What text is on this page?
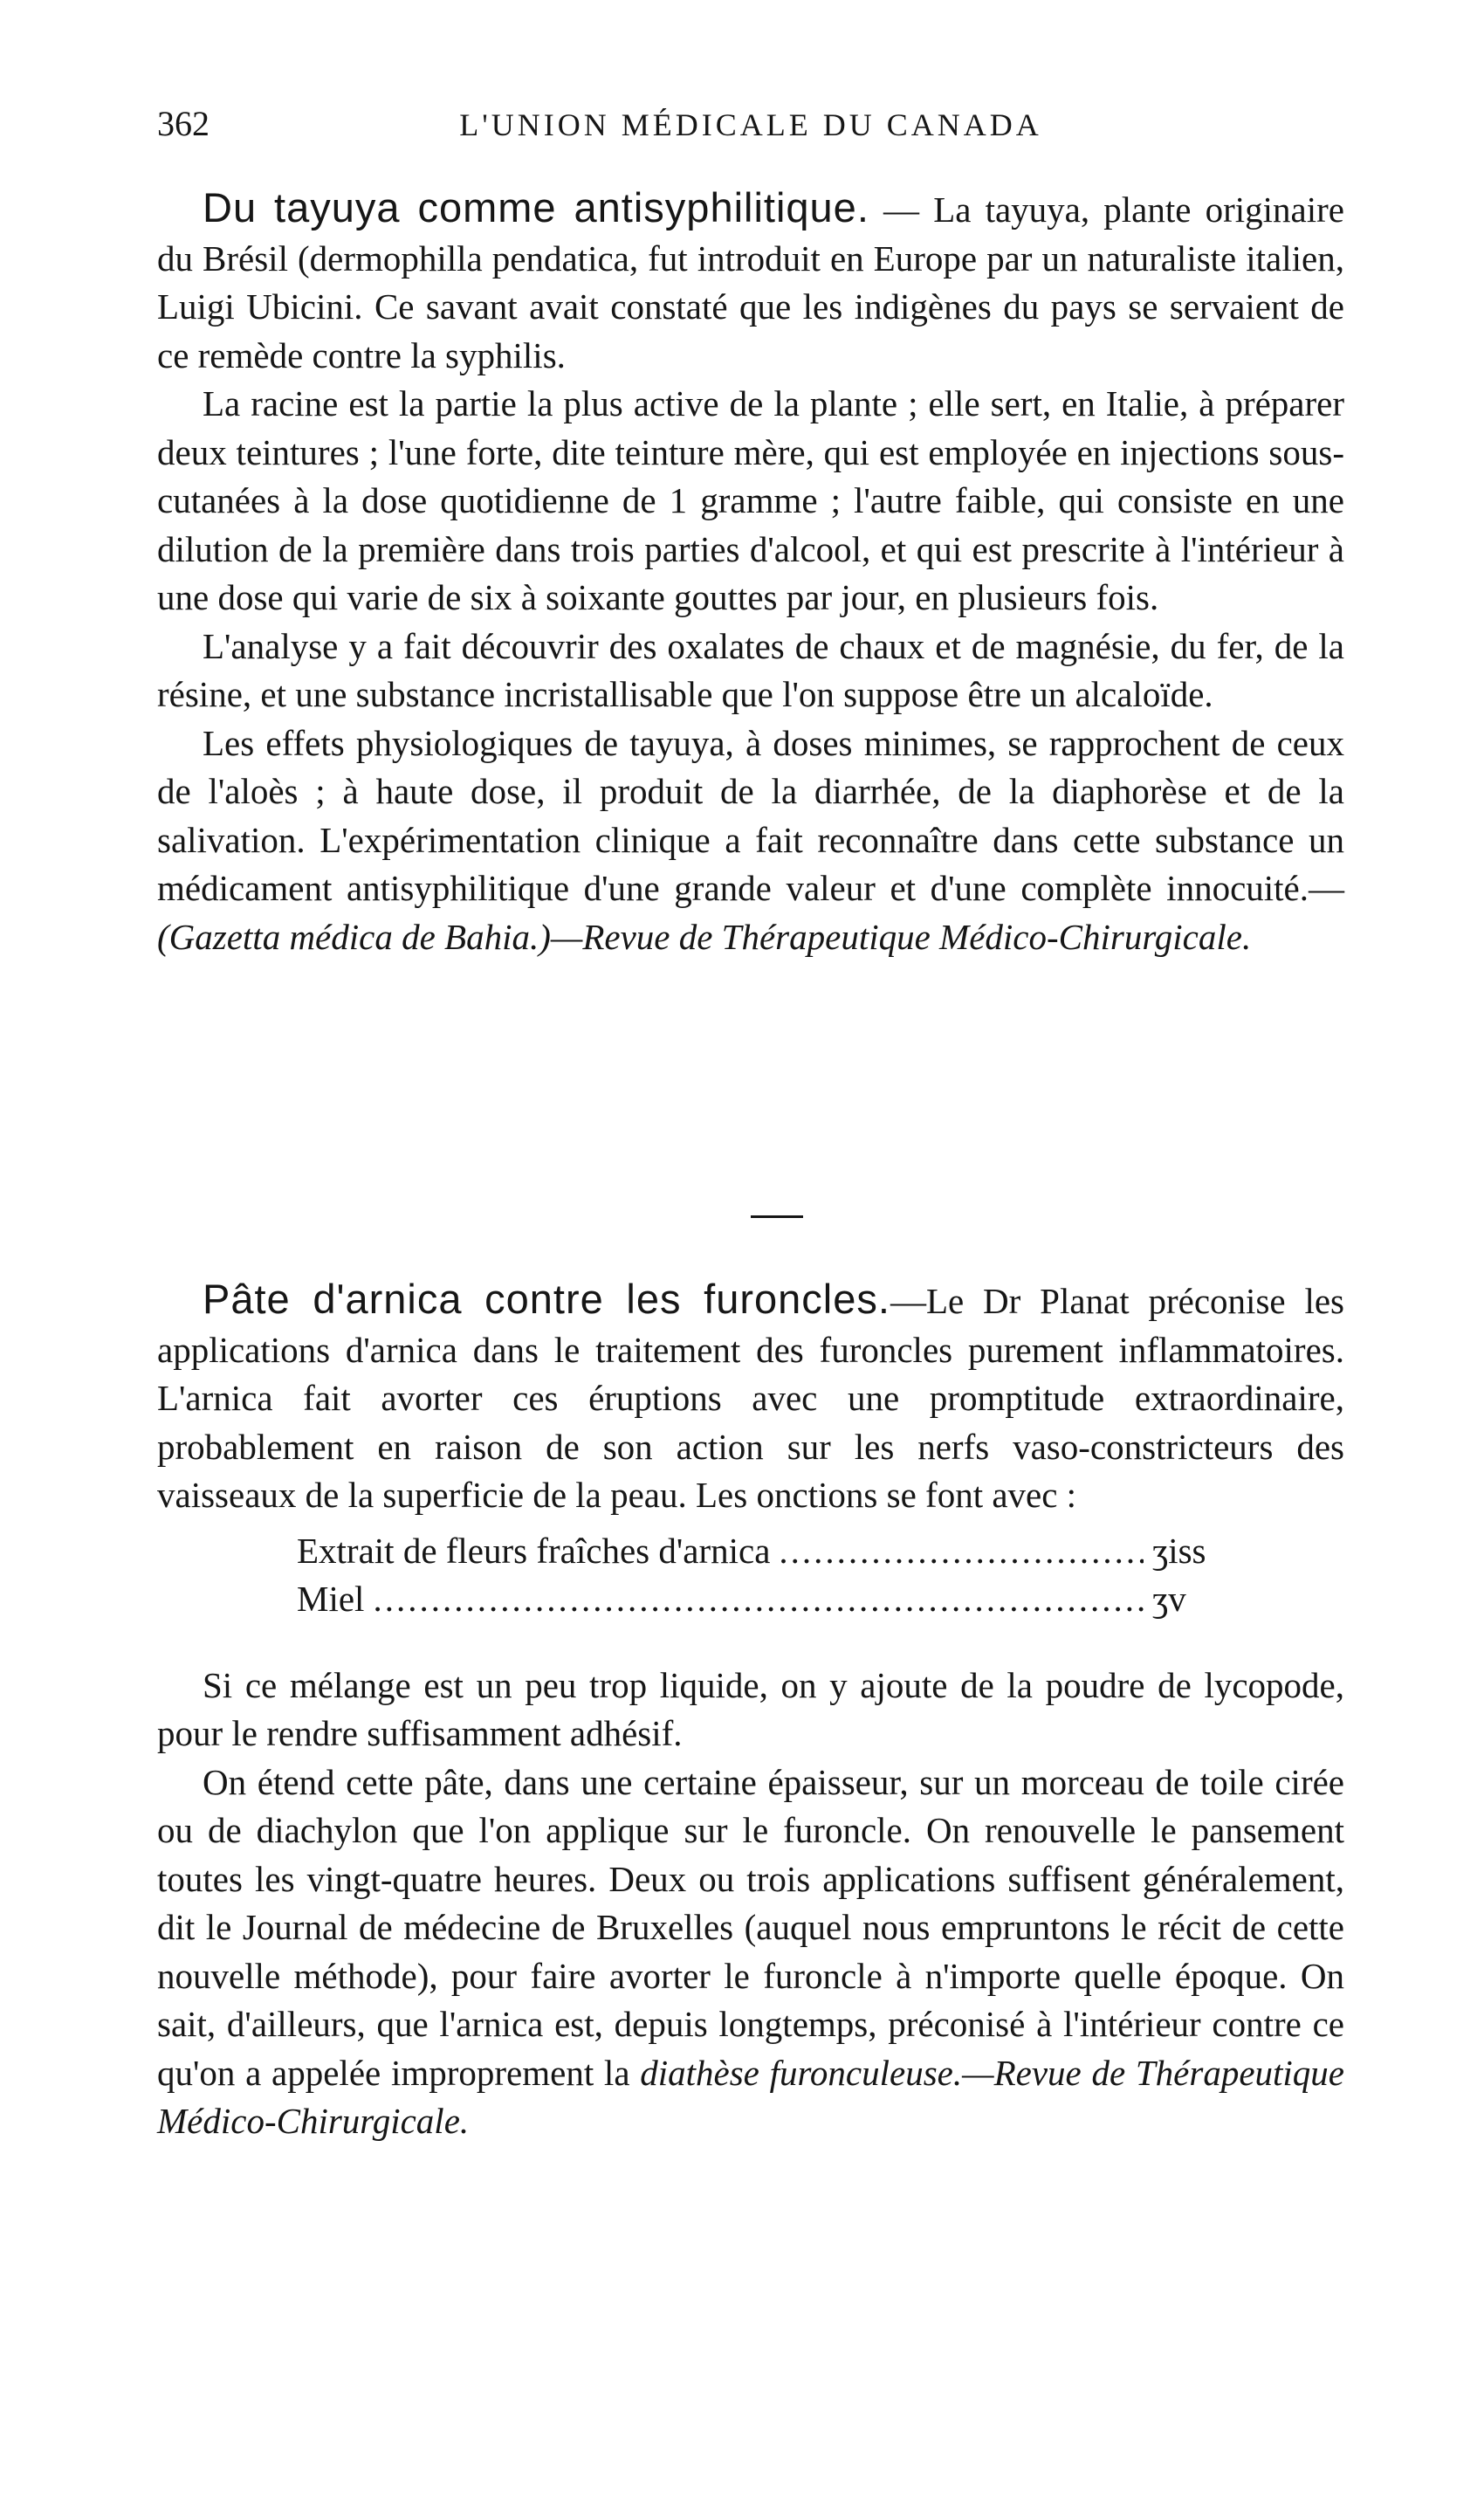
362	L'UNION MÉDICALE DU CANADA

Du tayuya comme antisyphilitique. — La tayuya, plante originaire du Brésil (dermophilla pendatica, fut introduit en Europe par un naturaliste italien, Luigi Ubicini. Ce savant avait constaté que les indigènes du pays se servaient de ce remède contre la syphilis.

La racine est la partie la plus active de la plante ; elle sert, en Italie, à préparer deux teintures ; l'une forte, dite teinture mère, qui est employée en injections sous-cutanées à la dose quotidienne de 1 gramme ; l'autre faible, qui consiste en une dilution de la première dans trois parties d'alcool, et qui est prescrite à l'intérieur à une dose qui varie de six à soixante gouttes par jour, en plusieurs fois.

L'analyse y a fait découvrir des oxalates de chaux et de magnésie, du fer, de la résine, et une substance incristallisable que l'on suppose être un alcaloïde.

Les effets physiologiques de tayuya, à doses minimes, se rapprochent de ceux de l'aloès ; à haute dose, il produit de la diarrhée, de la diaphorèse et de la salivation. L'expérimentation clinique a fait reconnaître dans cette substance un médicament antisyphilitique d'une grande valeur et d'une complète innocuité.—(Gazetta médica de Bahia.)—Revue de Thérapeutique Médico-Chirurgicale.

Pâte d'arnica contre les furoncles.—Le Dr Planat préconise les applications d'arnica dans le traitement des furoncles purement inflammatoires. L'arnica fait avorter ces éruptions avec une promptitude extraordinaire, probablement en raison de son action sur les nerfs vaso-constricteurs des vaisseaux de la superficie de la peau. Les onctions se font avec :

Extrait de fleurs fraîches d'arnica .....	ʒiss
Miel .....	ʒv

Si ce mélange est un peu trop liquide, on y ajoute de la poudre de lycopode, pour le rendre suffisamment adhésif.

On étend cette pâte, dans une certaine épaisseur, sur un morceau de toile cirée ou de diachylon que l'on applique sur le furoncle. On renouvelle le pansement toutes les vingt-quatre heures. Deux ou trois applications suffisent généralement, dit le Journal de médecine de Bruxelles (auquel nous empruntons le récit de cette nouvelle méthode), pour faire avorter le furoncle à n'importe quelle époque. On sait, d'ailleurs, que l'arnica est, depuis longtemps, préconisé à l'intérieur contre ce qu'on a appelée improprement la diathèse furonculeuse.—Revue de Thérapeutique Médico-Chirurgicale.
